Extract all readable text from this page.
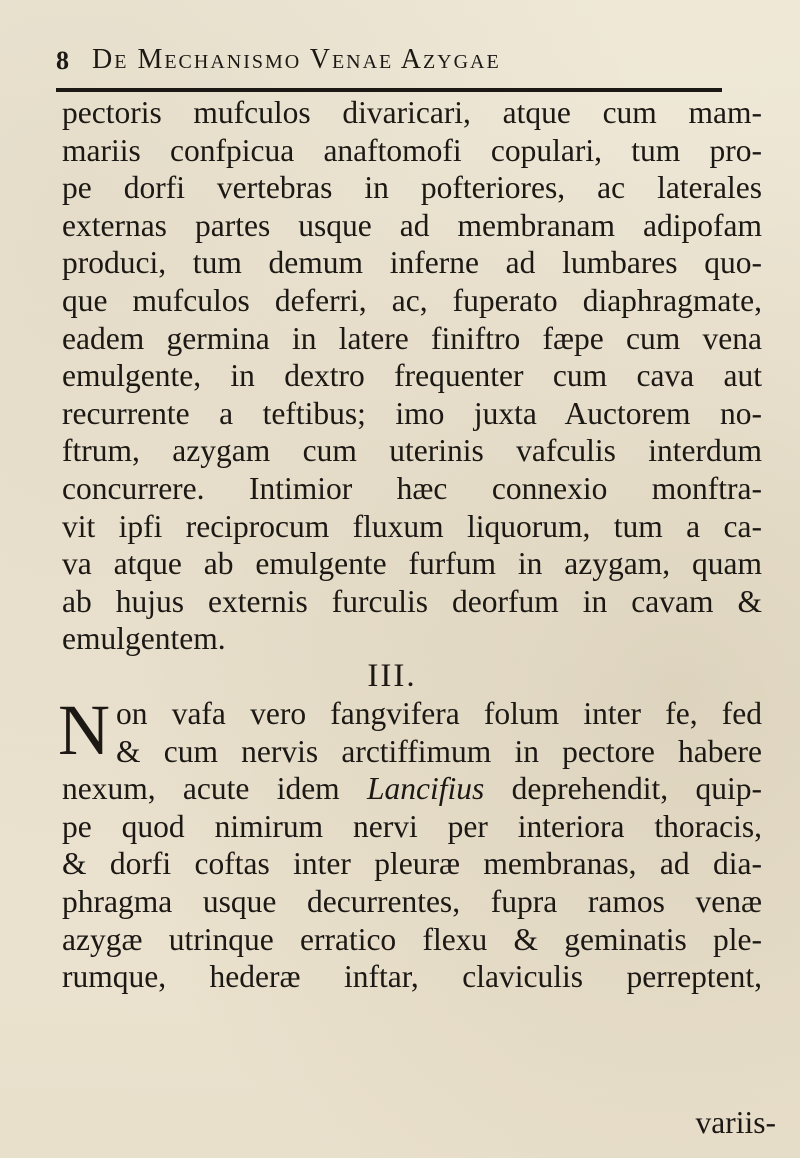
8 De Mechanismo Venae Azygae
pectoris mufculos divaricari, atque cum mam-
mariis confpicua anaftomofi copulari, tum pro-
pe dorfi vertebras in pofteriores, ac laterales
externas partes usque ad membranam adipofam
produci, tum demum inferne ad lumbares quo-
que mufculos deferri, ac, fuperato diaphragmate,
eadem germina in latere finiftro fæpe cum vena
emulgente, in dextro frequenter cum cava aut
recurrente a teftibus; imo juxta Auctorem no-
ftrum, azygam cum uterinis vafculis interdum
concurrere. Intimior hæc connexio monftra-
vit ipfi reciprocum fluxum liquorum, tum a ca-
va atque ab emulgente furfum in azygam, quam
ab hujus externis furculis deorfum in cavam &
emulgentem.
III.
N on vafa vero fangvifera folum inter fe, fed
& cum nervis arctiffimum in pectore habere
nexum, acute idem Lancifius deprehendit, quip-
pe quod nimirum nervi per interiora thoracis,
& dorfi coftas inter pleuræ membranas, ad dia-
phragma usque decurrentes, fupra ramos venæ
azygæ utrinque erratico flexu & geminatis ple-
rumque, hederæ inftar, claviculis perreptent,
variis-
